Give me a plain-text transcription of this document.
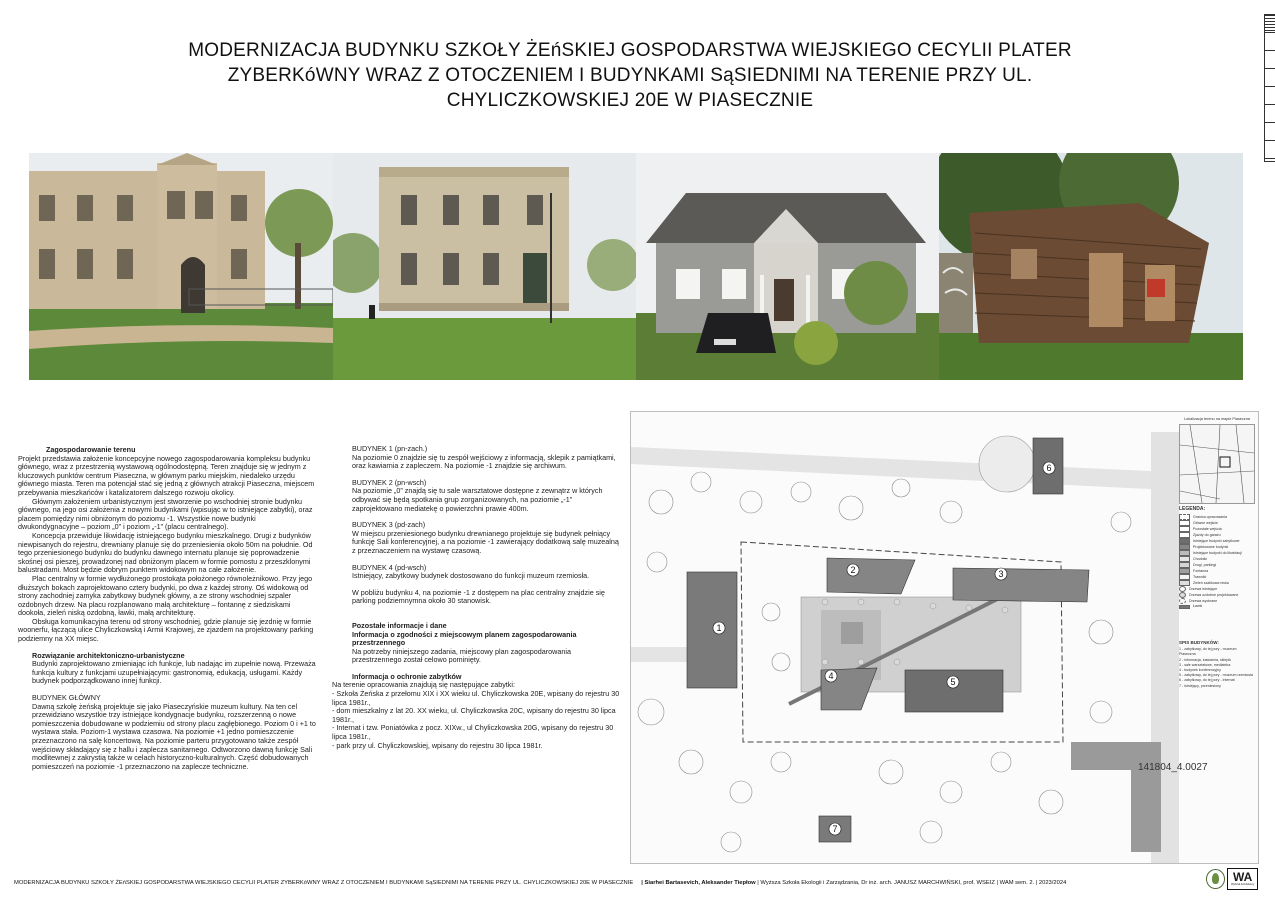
MODERNIZACJA BUDYNKU SZKOŁY ŻEńSKIEJ GOSPODARSTWA WIEJSKIEGO CECYLII PLATER
ZYBERKóWNY WRAZ Z OTOCZENIEM I BUDYNKAMI SąSIEDNIMI NA TERENIE PRZY UL.
CHYLICZKOWSKIEJ 20E W PIASECZNIE
Zagospodarowanie terenu

Projekt przedstawia założenie koncepcyjne nowego zagospodarowania kompleksu budynku głównego, wraz z przestrzenią wystawową ogólnodostępną. Teren znajduje się w jednym z kluczowych punktów centrum Piaseczna, w głównym parku miejskim, niedaleko urzędu głównego miasta. Teren ma potencjał stać się jedną z głównych atrakcji Piaseczna, miejscem przebywania mieszkańców i katalizatorem dalszego rozwoju okolicy.

Głównym założeniem urbanistycznym jest stworzenie po wschodniej stronie budynku głównego, na jego osi założenia z nowymi budynkami (wpisując w to istniejące zabytki), oraz placem pomiędzy nimi obniżonym do poziomu -1. Wszystkie nowe budynki dwukondygnacyjne – poziom „0” i poziom „-1” (placu centralnego).

Koncepcja przewiduje likwidację istniejącego budynku mieszkalnego. Drugi z budynków niewpisanych do rejestru, drewniany planuje się do przeniesienia około 50m na południe. Od tego przeniesionego budynku do budynku dawnego internatu planuje się poprowadzenie skośnej osi pieszej, prowadzonej nad obniżonym placem w formie pomostu z przeszklonymi balustradami. Most będzie dobrym punktem widokowym na całe założenie.

Plac centralny w formie wydłużonego prostokąta położonego równoleżnikowo. Przy jego dłuższych bokach zaprojektowano cztery budynki, po dwa z każdej strony. Oś widokową od strony zachodniej zamyka zabytkowy budynek główny, a ze strony wschodniej szpaler ozdobnych drzew. Na placu rozplanowano małą architekturę – fontannę z siedziskami dookoła, zieleń niską ozdobną, ławki, małą architekturę.

Obsługa komunikacyjna terenu od strony wschodniej, gdzie planuje się jezdnię w formie woonerfu, łączącą ulice Chyliczkowską i Armii Krajowej, ze zjazdem na projektowany parking podziemny na XX miejsc.

Rozwiązanie architektoniczno-urbanistyczne

Budynki zaprojektowano zmieniając ich funkcje, lub nadając im zupełnie nową. Przeważa funkcja kultury z funkcjami uzupełniającymi: gastronomią, edukacją, usługami. Każdy budynek podporządkowano innej funkcji.

BUDYNEK GŁÓWNY

Dawną szkołę żeńską projektuje się jako Piaseczyńskie muzeum kultury. Na ten cel przewidziano wszystkie trzy istniejące kondygnacje budynku, rozszerzenną o nowe pomieszczenia dobudowane w podziemiu od strony placu zagłębionego. Poziom 0 i +1 to wystawa stała. Poziom-1 wystawa czasowa. Na poziomie +1 jedno pomieszczenie przeznaczono na salę koncertową. Na poziomie parteru przygotowano także zespół wejściowy składający się z hallu i zaplecza sanitarnego. Odtworzono dawną funkcję Sali modlitewnej z zakrystią także w celach historyczno-kulturalnych. Część dobudowanych pomieszczeń na poziomie -1 przeznaczono na zaplecze techniczne.

BUDYNEK 1 (pn-zach.)

Na poziomie 0 znajdzie się tu zespół wejściowy z informacją, sklepik z pamiątkami, oraz kawiarnia z zapleczem. Na poziomie -1 znajdzie się archiwum.

BUDYNEK 2 (pn-wsch)

Na poziomie „0” znajdą się tu sale warsztatowe dostępne z zewnątrz w których odbywać się będą spotkania grup zorganizowanych, na poziomie „-1” zaprojektowano mediatekę o powierzchni prawie 400m.

BUDYNEK 3 (pd-zach)

W miejscu przeniesionego budynku drewnianego projektuje się budynek pełniący funkcję Sali konferencyjnej, a na poziomie -1 zawierający dodatkową salę muzealną z przeznaczeniem na wystawę czasową.

BUDYNEK 4 (pd-wsch)

Istniejący, zabytkowy budynek dostosowano do funkcji muzeum rzemiosła.

W pobliżu budynku 4, na poziomie -1 z dostępem na plac centralny znajdzie się parking podziemnymna około 30 stanowisk.

Pozostałe informacje i dane
Informacja o zgodności z miejscowym planem zagospodarowania przestrzennego

Na potrzeby niniejszego zadania, miejscowy plan zagospodarowania przestrzennego został celowo pominięty.

Informacja o ochronie zabytków

Na terenie opracowania znajdują się następujące zabytki:

- Szkoła Żeńska z przełomu XIX i XX wieku ul. Chyliczkowska 20E, wpisany do rejestru 30 lipca 1981r.,

- dom mieszkalny z lat 20. XX wieku, ul. Chyliczkowska 20C, wpisany do rejestru 30 lipca 1981r.,

- Internat i tzw. Poniatówka z pocz. XIXw., ul Chyliczkowska 20G, wpisany do rejestru 30 lipca 1981r.,

- park przy ul. Chyliczkowskiej, wpisany do rejestru 30 lipca 1981r.

1
2	3
4
5
6
7
Lokalizacja terenu na mapie Piaseczna
LEGENDA:
Granica opracowania
Główne wejście
Pozostałe wejścia
Zjazdy do garażu
Istniejące budynki zabytkowe
Projektowane budynki
Istniejące budynki do likwidacji
Chodniki
Drogi, parkingi
Fontanna
Trawniki
Zieleń szalikowa niska
Drzewa istniejące
Drzewa ozdobne projektowane
Drzewa wycinane
Ławki
SPIS BUDYNKÓW:
1 - zabytkowy, do tej pory - muzeum Piaseczna
2 - informacja, kawiarnia, sklepik
3 - sale warsztatowe, mediateka
4 - budynek konferencyjny
5 - zabytkowy, do tej pory - muzeum rzemiosła
6 - zabytkowy, do tej pory - internat
7 - istniejący, przeniesiony
141804_4.0027
MODERNIZACJA BUDYNKU SZKOŁY ŻEńSKIEJ GOSPODARSTWA WIEJSKIEGO CECYLII PLATER ZYBERKóWNY WRAZ Z OTOCZENIEM I BUDYNKAMI SąSIEDNIMI NA TERENIE PRZY UL. CHYLICZKOWSKIEJ 20E W PIASECZNIE | Siarhei Bartasevich, Aleksander Tiepłow | Wyższa Szkoła Ekologii i Zarządzania, Dr inż. arch. JANUSZ MARCHWIŃSKI, prof. WSEIZ | WAM sem. 2. | 2023/2024	WA
Wydział Architektury
